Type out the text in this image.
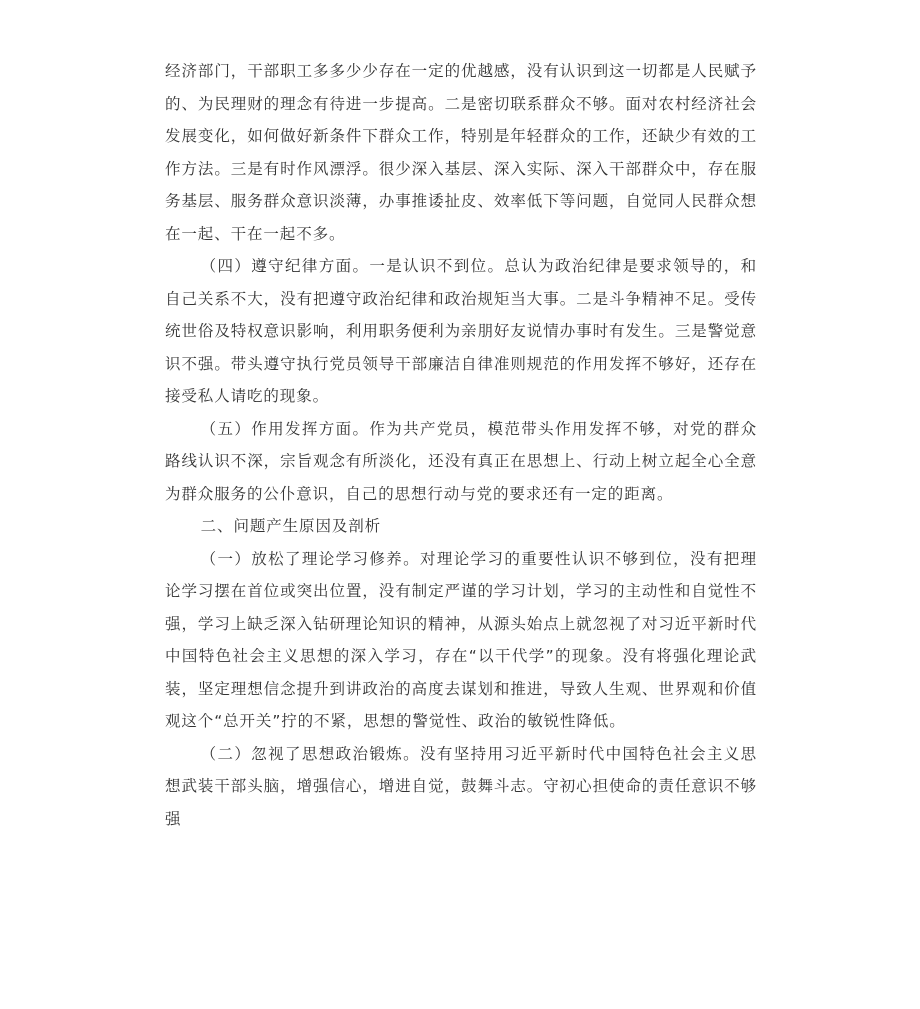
经济部门，干部职工多多少少存在一定的优越感，没有认识到这一切都是人民赋予的、为民理财的理念有待进一步提高。二是密切联系群众不够。面对农村经济社会发展变化，如何做好新条件下群众工作，特别是年轻群众的工作，还缺少有效的工作方法。三是有时作风漂浮。很少深入基层、深入实际、深入干部群众中，存在服务基层、服务群众意识淡薄，办事推诿扯皮、效率低下等问题，自觉同人民群众想在一起、干在一起不多。

（四）遵守纪律方面。一是认识不到位。总认为政治纪律是要求领导的，和自己关系不大，没有把遵守政治纪律和政治规矩当大事。二是斗争精神不足。受传统世俗及特权意识影响，利用职务便利为亲朋好友说情办事时有发生。三是警觉意识不强。带头遵守执行党员领导干部廉洁自律准则规范的作用发挥不够好，还存在接受私人请吃的现象。

（五）作用发挥方面。作为共产党员，模范带头作用发挥不够，对党的群众路线认识不深，宗旨观念有所淡化，还没有真正在思想上、行动上树立起全心全意为群众服务的公仆意识，自己的思想行动与党的要求还有一定的距离。

二、问题产生原因及剖析

（一）放松了理论学习修养。对理论学习的重要性认识不够到位，没有把理论学习摆在首位或突出位置，没有制定严谨的学习计划，学习的主动性和自觉性不强，学习上缺乏深入钻研理论知识的精神，从源头始点上就忽视了对习近平新时代中国特色社会主义思想的深入学习，存在“以干代学”的现象。没有将强化理论武装，坚定理想信念提升到讲政治的高度去谋划和推进，导致人生观、世界观和价值观这个“总开关”拧的不紧，思想的警觉性、政治的敏锐性降低。

（二）忽视了思想政治锻炼。没有坚持用习近平新时代中国特色社会主义思想武装干部头脑，增强信心，增进自觉，鼓舞斗志。守初心担使命的责任意识不够强
